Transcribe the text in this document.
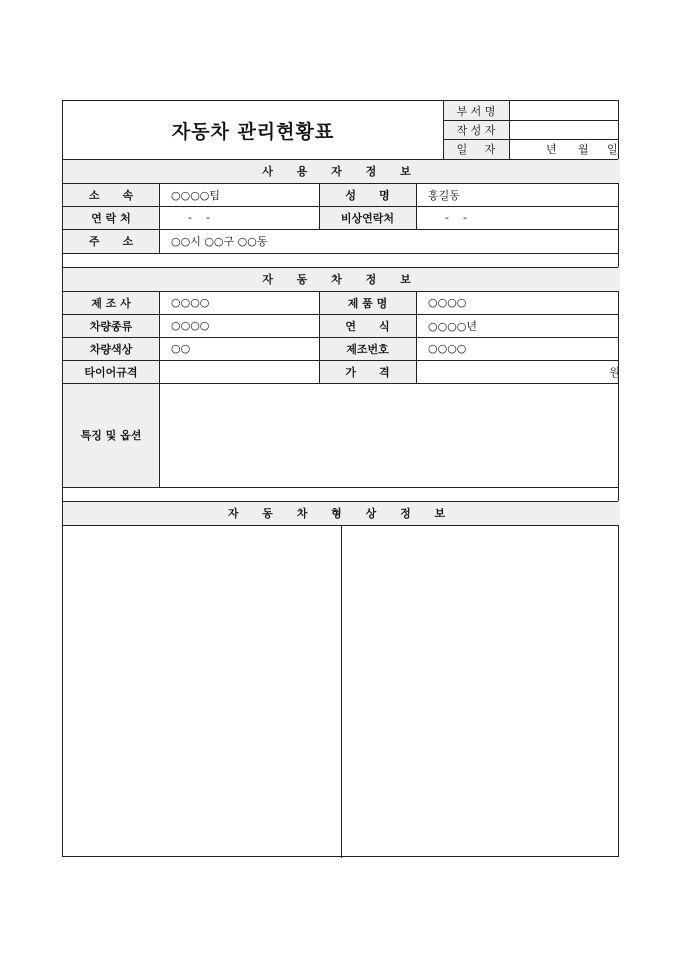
자동차 관리현황표
부 서 명
작 성 자
일     자	년 월 일
사 용 자 정 보
소      속	○○○○팀	성      명	홍길동
연 락 처	-    -	비상연락처	-    -
주      소	○○시 ○○구 ○○동
자 동 차 정 보
제 조 사	○○○○	제 품 명	○○○○
차량종류	○○○○	연      식	○○○○년
차량색상	○○	제조번호	○○○○
타이어규격	가      격	원
특징 및 옵션
자 동 차 형 상 정 보
